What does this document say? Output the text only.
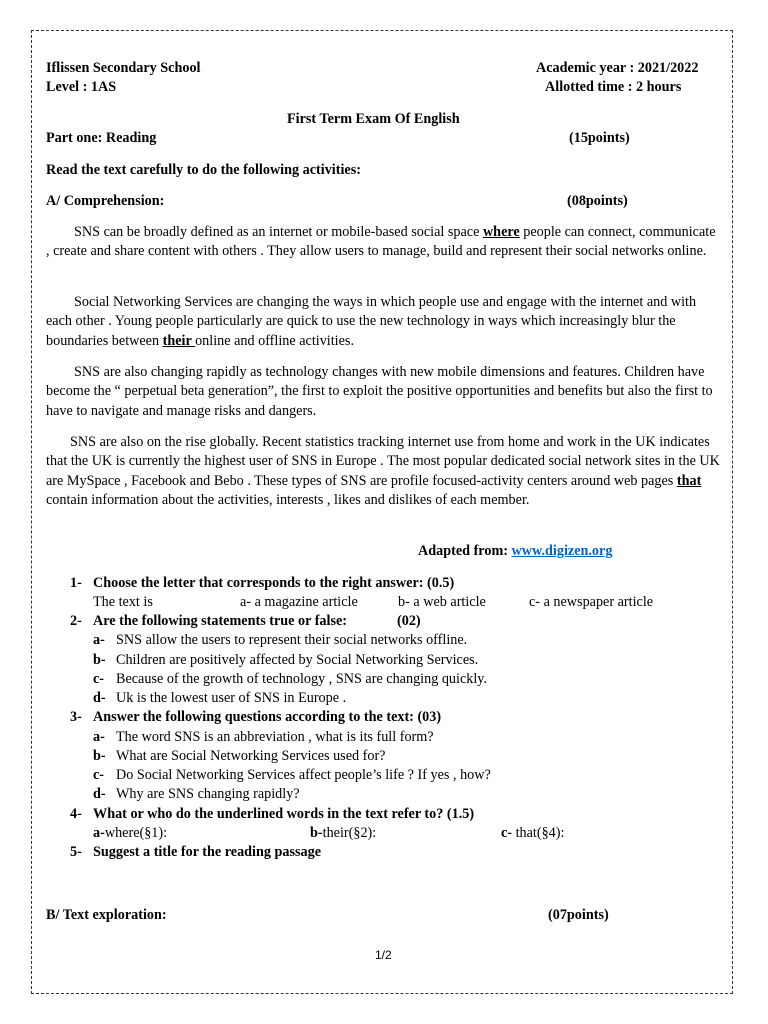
Iflissen Secondary School
Level : 1AS
Academic year : 2021/2022
Allotted time : 2 hours
First Term Exam Of English
Part one: Reading	(15points)
Read the text carefully to do the following activities:
A/ Comprehension:	(08points)
SNS can be broadly defined as an internet or mobile-based social space where people can connect, communicate , create and share content with others . They allow users to manage, build and represent their social networks online.
Social Networking Services are changing the ways in which people use and engage with the internet and with each other . Young people particularly are quick to use the new technology in ways which increasingly blur the boundaries between their online and offline activities.
SNS are also changing rapidly as technology changes with new mobile dimensions and features. Children have become the “ perpetual beta generation”, the first to exploit the positive opportunities and benefits but also the first to have to navigate and manage risks and dangers.
SNS are also on the rise globally. Recent statistics tracking internet use from home and work in the UK indicates that the UK is currently the highest user of SNS in Europe . The most popular dedicated social network sites in the UK are MySpace , Facebook and Bebo . These types of SNS are profile focused-activity centers around web pages that contain information about the activities, interests , likes and dislikes of each member.
Adapted from: www.digizen.org
1- Choose the letter that corresponds to the right answer: (0.5)
The text is	a- a magazine article	b- a web article	c- a newspaper article
2- Are the following statements true or false:	(02)
a- SNS allow the users to represent their social networks offline.
b- Children are positively affected by Social Networking Services.
c- Because of the growth of technology , SNS are changing quickly.
d- Uk is the lowest user of SNS in Europe .
3- Answer the following questions according to the text: (03)
a- The word SNS is an abbreviation , what is its full form?
b- What are Social Networking Services used for?
c- Do Social Networking Services affect people’s life ? If yes , how?
d- Why are SNS changing rapidly?
4- What or who do the underlined words in the text refer to? (1.5)
a-where(§1):	b-their(§2):	c- that(§4):
5- Suggest a title for the reading passage
B/ Text exploration:	(07points)
1/2
